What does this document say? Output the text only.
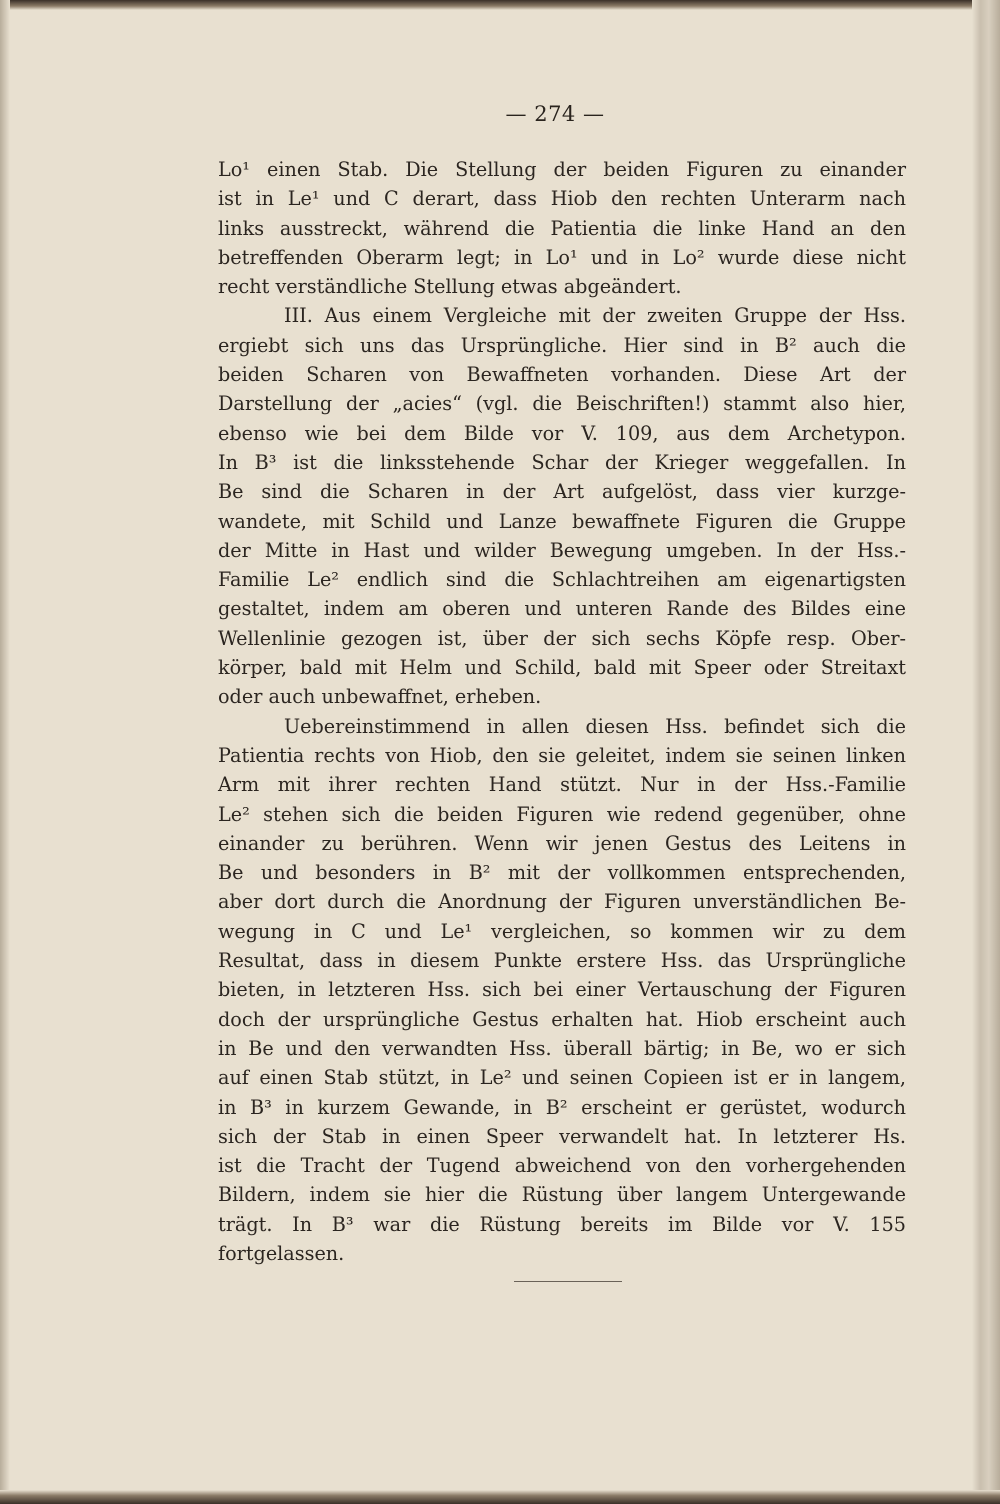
— 274 —
Lo¹ einen Stab. Die Stellung der beiden Figuren zu einander
ist in Le¹ und C derart, dass Hiob den rechten Unterarm nach
links ausstreckt, während die Patientia die linke Hand an den
betreffenden Oberarm legt; in Lo¹ und in Lo² wurde diese nicht
recht verständliche Stellung etwas abgeändert.
III. Aus einem Vergleiche mit der zweiten Gruppe der Hss.
ergiebt sich uns das Ursprüngliche. Hier sind in B² auch die
beiden Scharen von Bewaffneten vorhanden. Diese Art der
Darstellung der „acies“ (vgl. die Beischriften!) stammt also hier,
ebenso wie bei dem Bilde vor V. 109, aus dem Archetypon.
In B³ ist die linksstehende Schar der Krieger weggefallen. In
Be sind die Scharen in der Art aufgelöst, dass vier kurzge-
wandete, mit Schild und Lanze bewaffnete Figuren die Gruppe
der Mitte in Hast und wilder Bewegung umgeben. In der Hss.-
Familie Le² endlich sind die Schlachtreihen am eigenartigsten
gestaltet, indem am oberen und unteren Rande des Bildes eine
Wellenlinie gezogen ist, über der sich sechs Köpfe resp. Ober-
körper, bald mit Helm und Schild, bald mit Speer oder Streitaxt
oder auch unbewaffnet, erheben.
Uebereinstimmend in allen diesen Hss. befindet sich die
Patientia rechts von Hiob, den sie geleitet, indem sie seinen linken
Arm mit ihrer rechten Hand stützt. Nur in der Hss.-Familie
Le² stehen sich die beiden Figuren wie redend gegenüber, ohne
einander zu berühren. Wenn wir jenen Gestus des Leitens in
Be und besonders in B² mit der vollkommen entsprechenden,
aber dort durch die Anordnung der Figuren unverständlichen Be-
wegung in C und Le¹ vergleichen, so kommen wir zu dem
Resultat, dass in diesem Punkte erstere Hss. das Ursprüngliche
bieten, in letzteren Hss. sich bei einer Vertauschung der Figuren
doch der ursprüngliche Gestus erhalten hat. Hiob erscheint auch
in Be und den verwandten Hss. überall bärtig; in Be, wo er sich
auf einen Stab stützt, in Le² und seinen Copieen ist er in langem,
in B³ in kurzem Gewande, in B² erscheint er gerüstet, wodurch
sich der Stab in einen Speer verwandelt hat. In letzterer Hs.
ist die Tracht der Tugend abweichend von den vorhergehenden
Bildern, indem sie hier die Rüstung über langem Untergewande
trägt. In B³ war die Rüstung bereits im Bilde vor V. 155
fortgelassen.
